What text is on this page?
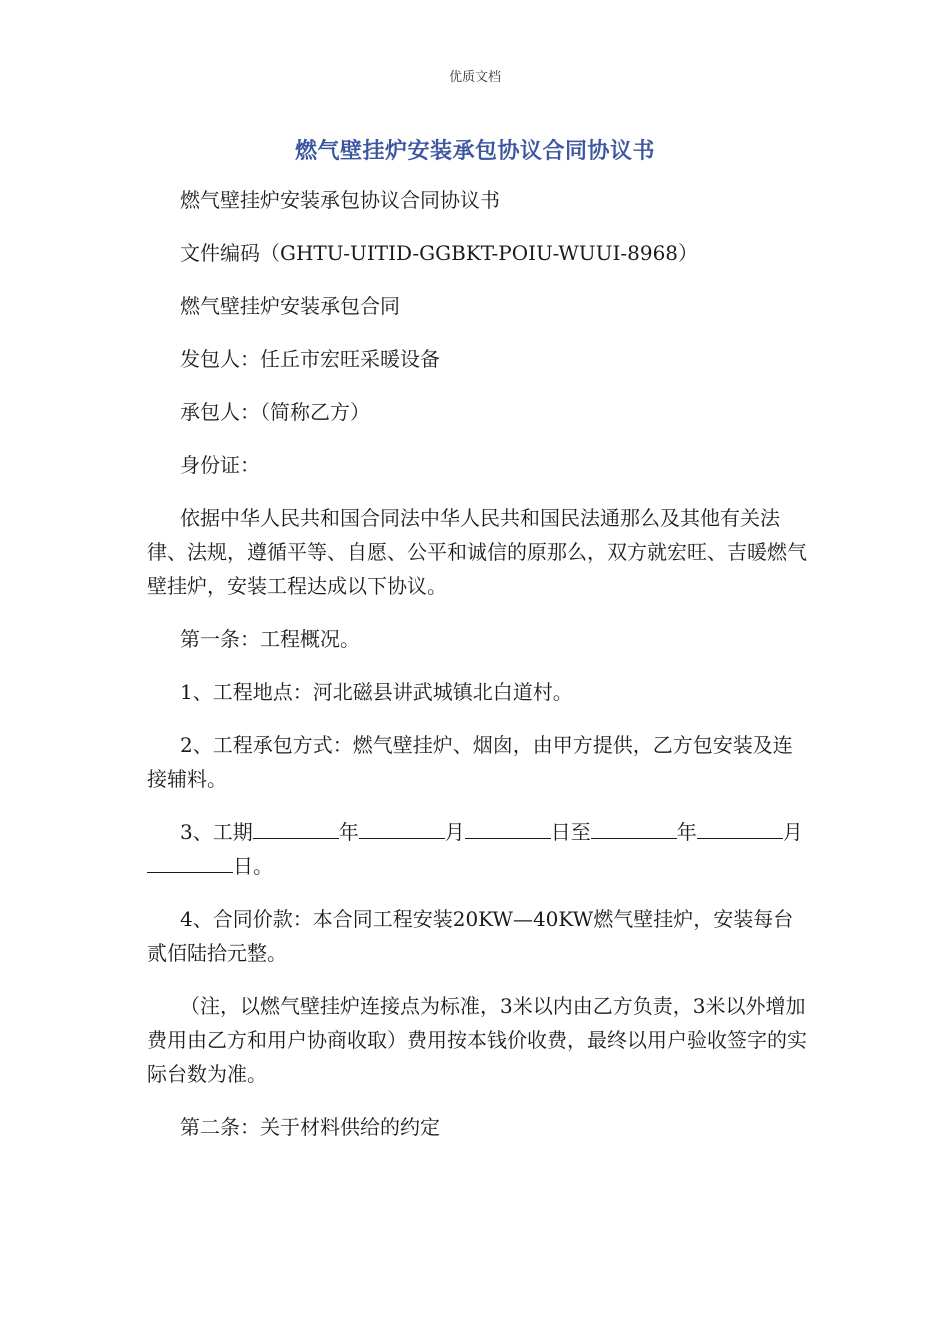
优质文档
燃气壁挂炉安装承包协议合同协议书

燃气壁挂炉安装承包协议合同协议书

文件编码（GHTU-UITID-GGBKT-POIU-WUUI-8968）

燃气壁挂炉安装承包合同

发包人：任丘市宏旺采暖设备

承包人：（简称乙方）

身份证：

依据中华人民共和国合同法中华人民共和国民法通那么及其他有关法律、法规，遵循平等、自愿、公平和诚信的原那么，双方就宏旺、吉暖燃气壁挂炉，安装工程达成以下协议。

第一条：工程概况。

1、工程地点：河北磁县讲武城镇北白道村。

2、工程承包方式：燃气壁挂炉、烟囱，由甲方提供，乙方包安装及连接辅料。

3、工期	年	月	日至	年	月日。

4、合同价款：本合同工程安装20KW—40KW燃气壁挂炉，安装每台贰佰陆拾元整。

（注，以燃气壁挂炉连接点为标准，3米以内由乙方负责，3米以外增加费用由乙方和用户协商收取）费用按本钱价收费，最终以用户验收签字的实际台数为准。

第二条：关于材料供给的约定
